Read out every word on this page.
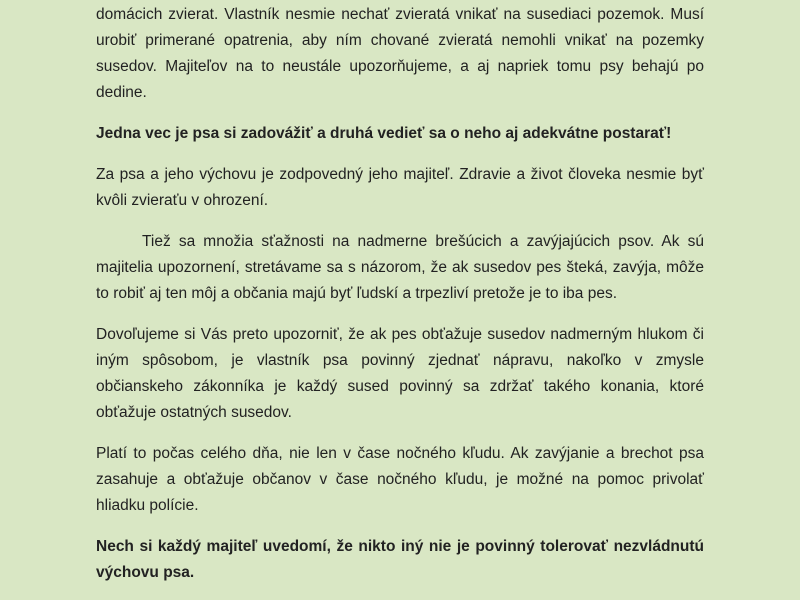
domácich zvierat. Vlastník nesmie nechať zvieratá vnikať na susediaci pozemok. Musí urobiť primerané opatrenia, aby ním chované zvieratá nemohli vnikať na pozemky susedov. Majiteľov na to neustále upozorňujeme, a aj napriek tomu psy behajú po dedine.

Jedna vec je psa si zadovážiť a druhá vedieť sa o neho aj adekvátne postarať!

Za psa a jeho výchovu je zodpovedný jeho majiteľ. Zdravie a život človeka nesmie byť kvôli zvieraťu v ohrození.

Tiež sa množia sťažnosti na nadmerne brešúcich a zavýjajúcich psov. Ak sú majitelia upozornení, stretávame sa s názorom, že ak susedov pes šteká, zavýja, môže to robiť aj ten môj a občania majú byť ľudskí a trpezliví pretože je to iba pes.

Dovoľujeme si Vás preto upozorniť, že ak pes obťažuje susedov nadmerným hlukom či iným spôsobom, je vlastník psa povinný zjednať nápravu, nakoľko v zmysle občianskeho zákonníka je každý sused povinný sa zdržať takého konania, ktoré obťažuje ostatných susedov.

Platí to počas celého dňa, nie len v čase nočného kľudu. Ak zavýjanie a brechot psa zasahuje a obťažuje občanov v čase nočného kľudu, je možné na pomoc privolať hliadku polície.

Nech si každý majiteľ uvedomí, že nikto iný nie je povinný tolerovať nezvládnutú výchovu psa.
